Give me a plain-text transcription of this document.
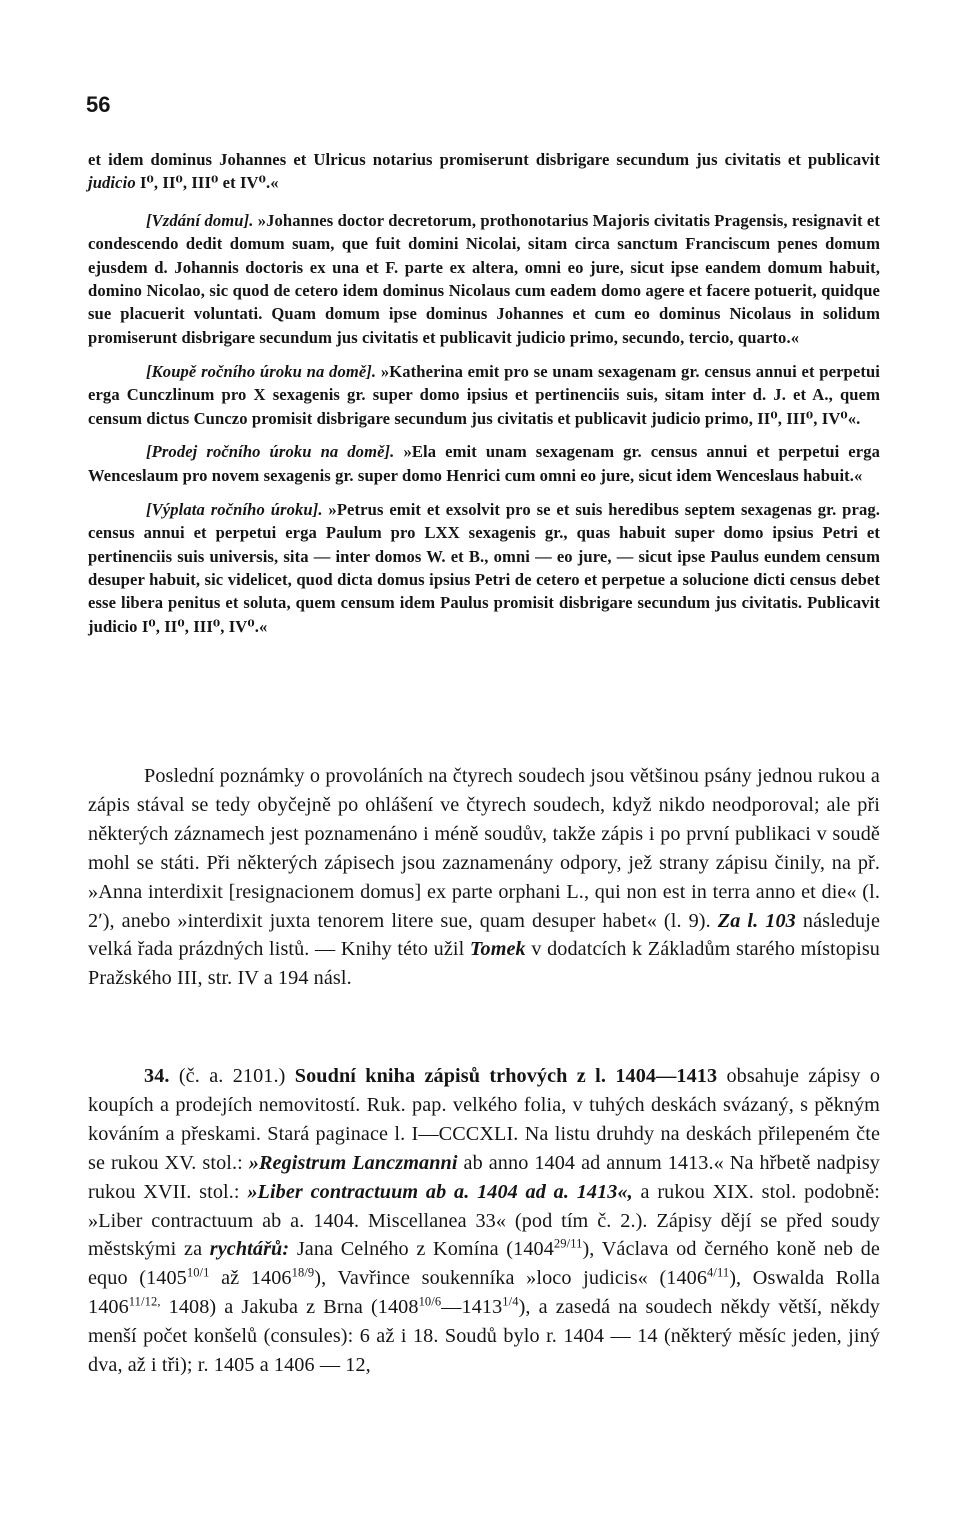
56

et idem dominus Johannes et Ulricus notarius promiserunt disbrigare secundum jus civitatis et publicavit judicio I⁰, II⁰, III⁰ et IV⁰.«

[Vzdání domu]. »Johannes doctor decretorum, prothonotarius Majoris civitatis Pragensis, resignavit et condescendo dedit domum suam, que fuit domini Nicolai, sitam circa sanctum Franciscum penes domum ejusdem d. Johannis doctoris ex una et F. parte ex altera, omni eo jure, sicut ipse eandem domum habuit, domino Nicolao, sic quod de cetero idem dominus Nicolaus cum eadem domo agere et facere potuerit, quidque sue placuerit voluntati. Quam domum ipse dominus Johannes et cum eo dominus Nicolaus in solidum promiserunt disbrigare secundum jus civitatis et publicavit judicio primo, secundo, tercio, quarto.«

[Koupě ročního úroku na domě]. »Katherina emit pro se unam sexagenam gr. census annui et perpetui erga Cunczlinum pro X sexagenis gr. super domo ipsius et pertinenciis suis, sitam inter d. J. et A., quem censum dictus Cunczo promisit disbrigare secundum jus civitatis et publicavit judicio primo, II⁰, III⁰, IV⁰«.

[Prodej ročního úroku na domě]. »Ela emit unam sexagenam gr. census annui et perpetui erga Wenceslaum pro novem sexagenis gr. super domo Henrici cum omni eo jure, sicut idem Wenceslaus habuit.«

[Výplata ročního úroku]. »Petrus emit et exsolvit pro se et suis heredibus septem sexagenas gr. prag. census annui et perpetui erga Paulum pro LXX sexagenis gr., quas habuit super domo ipsius Petri et pertinenciis suis universis, sita — inter domos W. et B., omni — eo jure, — sicut ipse Paulus eundem censum desuper habuit, sic videlicet, quod dicta domus ipsius Petri de cetero et perpetue a solucione dicti census debet esse libera penitus et soluta, quem censum idem Paulus promisit disbrigare secundum jus civitatis. Publicavit judicio I⁰, II⁰, III⁰, IV⁰.«

Poslední poznámky o provoláních na čtyrech soudech jsou většinou psány jednou rukou a zápis stával se tedy obyčejně po ohlášení ve čtyrech soudech, když nikdo neodporoval; ale při některých záznamech jest poznamenáno i méně soudův, takže zápis i po první publikaci v soudě mohl se státi. Při některých zápisech jsou zaznamenány odpory, jež strany zápisu činily, na př. »Anna interdixit [resignacionem domus] ex parte orphani L., qui non est in terra anno et die« (l. 2ʹ), anebo »interdixit juxta tenorem litere sue, quam desuper habet« (l. 9). Za l. 103 následuje velká řada prázdných listů. — Knihy této užil Tomek v dodatcích k Základům starého místopisu Pražského III, str. IV a 194 násl.

34. (č. a. 2101.) Soudní kniha zápisů trhových z l. 1404—1413 obsahuje zápisy o koupích a prodejích nemovitostí. Ruk. pap. velkého folia, v tuhých deskách svázaný, s pěkným kováním a přeskami. Stará paginace l. I—CCCXLI. Na listu druhdy na deskách přilepeném čte se rukou XV. stol.: »Registrum Lanczmanni ab anno 1404 ad annum 1413.« Na hřbetě nadpisy rukou XVII. stol.: »Liber contractuum ab a. 1404 ad a. 1413«, a rukou XIX. stol. podobně: »Liber contractuum ab a. 1404. Miscellanea 33« (pod tím č. 2.). Zápisy dějí se před soudy městskými za rychtářů: Jana Celného z Komína $(1404^{29/11})$, Václava od černého koně neb de equo ($1405^{10/1}$ až $1406^{18/9}$), Vavřince soukenníka »loco judicis« $(1406^{4/11})$, Oswalda Rolla $1406^{11/12,}$ 1408) a Jakuba z Brna $(1408^{10/6}—1413^{1/4})$, a zasedá na soudech někdy větší, někdy menší počet konšelů (consules): 6 až i 18. Soudů bylo r. 1404 — 14 (některý měsíc jeden, jiný dva, až i tři); r. 1405 a 1406 — 12,
